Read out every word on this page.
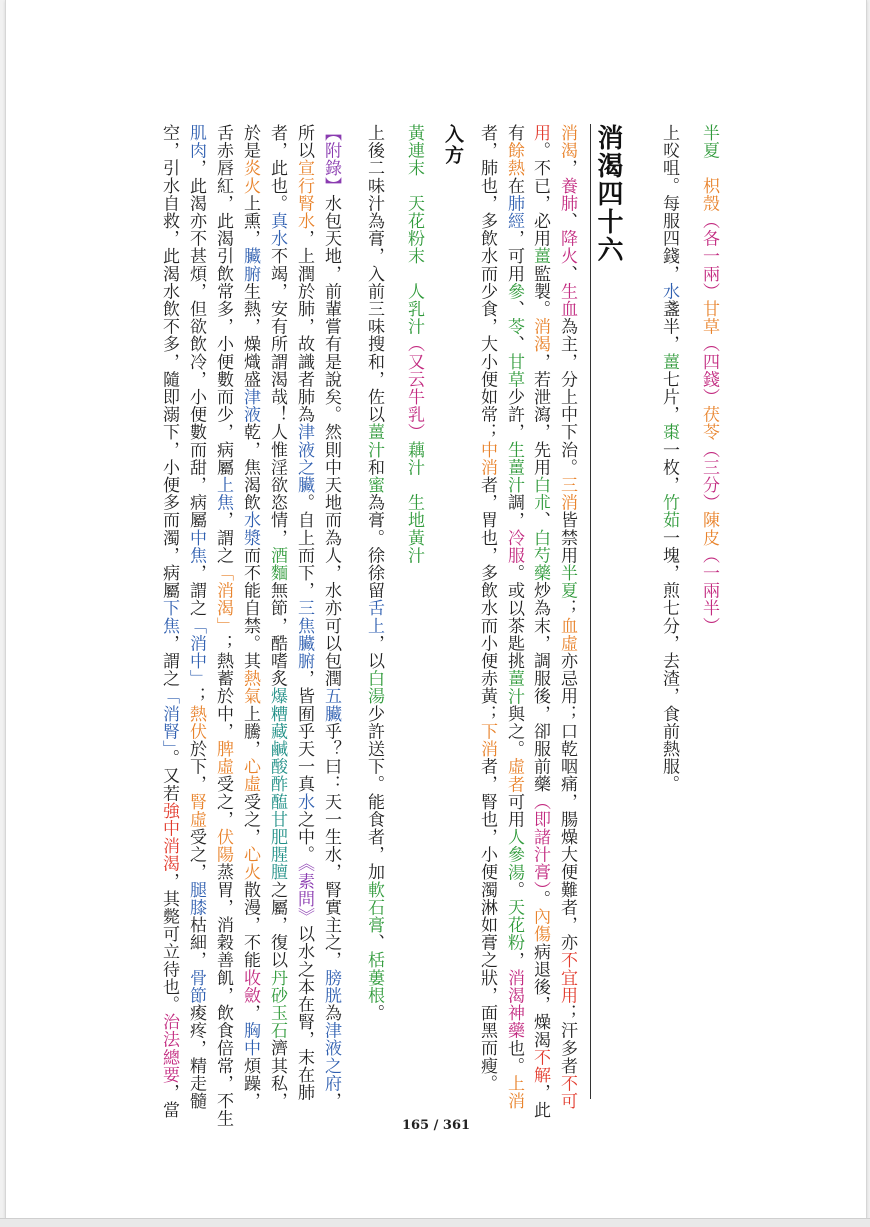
半夏　枳殼（各一兩）甘草（四錢）茯苓（三分）陳皮（一兩半）
上㕮咀。每服四錢，水盞半，薑七片，棗一枚，竹茹一塊，煎七分，去渣，食前熱服。
消渴四十六
消渴，養肺、降火、生血為主，分上中下治。三消皆禁用半夏；血虛亦忌用；口乾咽痛，腸燥大便難者，亦不宜用；汗多者不可
用。不已，必用薑監製。消渴，若泄瀉，先用白朮、白芍藥炒為末，調服後，卻服前藥（即諸汁膏）。內傷病退後，燥渴不解，此
有餘熱在肺經，可用參、苓、甘草少許，生薑汁調，冷服。或以茶匙挑薑汁與之。虛者可用人參湯。天花粉，消渴神藥也。上消
者，肺也，多飲水而少食，大小便如常；中消者，胃也，多飲水而小便赤黃；下消者，腎也，小便濁淋如膏之狀，面黑而瘦。
入方
黃連末　天花粉末　人乳汁（又云牛乳）藕汁　生地黃汁
上後二味汁為膏，入前三味搜和，佐以薑汁和蜜為膏。徐徐留舌上，以白湯少許送下。能食者，加軟石膏、栝蔞根。
【附錄】水包天地，前輩嘗有是說矣。然則中天地而為人，水亦可以包潤五臟乎？曰：天一生水，腎實主之，膀胱為津液之府，
所以宣行腎水，上潤於肺，故識者肺為津液之臟。自上而下，三焦臟腑，皆囿乎天一真水之中。《素問》以水之本在腎，末在肺
者，此也。真水不竭，安有所謂渴哉！人惟淫欲恣情，酒麵無節，酷嗜炙爆糟藏鹹酸酢醢甘肥腥膻之屬，復以丹砂玉石濟其私，
於是炎火上熏，臟腑生熱，燥熾盛津液乾，焦渴飲水漿而不能自禁。其熱氣上騰，心虛受之，心火散漫，不能收斂，胸中煩躁，
舌赤唇紅，此渴引飲常多，小便數而少，病屬上焦，謂之「消渴」；熱蓄於中，脾虛受之，伏陽蒸胃，消穀善飢，飲食倍常，不生
肌肉，此渴亦不甚煩，但欲飲冷，小便數而甜，病屬中焦，謂之「消中」；熱伏於下，腎虛受之，腿膝枯細，骨節痠疼，精走髓
空，引水自救，此渴水飲不多，隨即溺下，小便多而濁，病屬下焦，謂之「消腎」。又若強中消渴，其斃可立待也。治法總要，當
165 / 361
